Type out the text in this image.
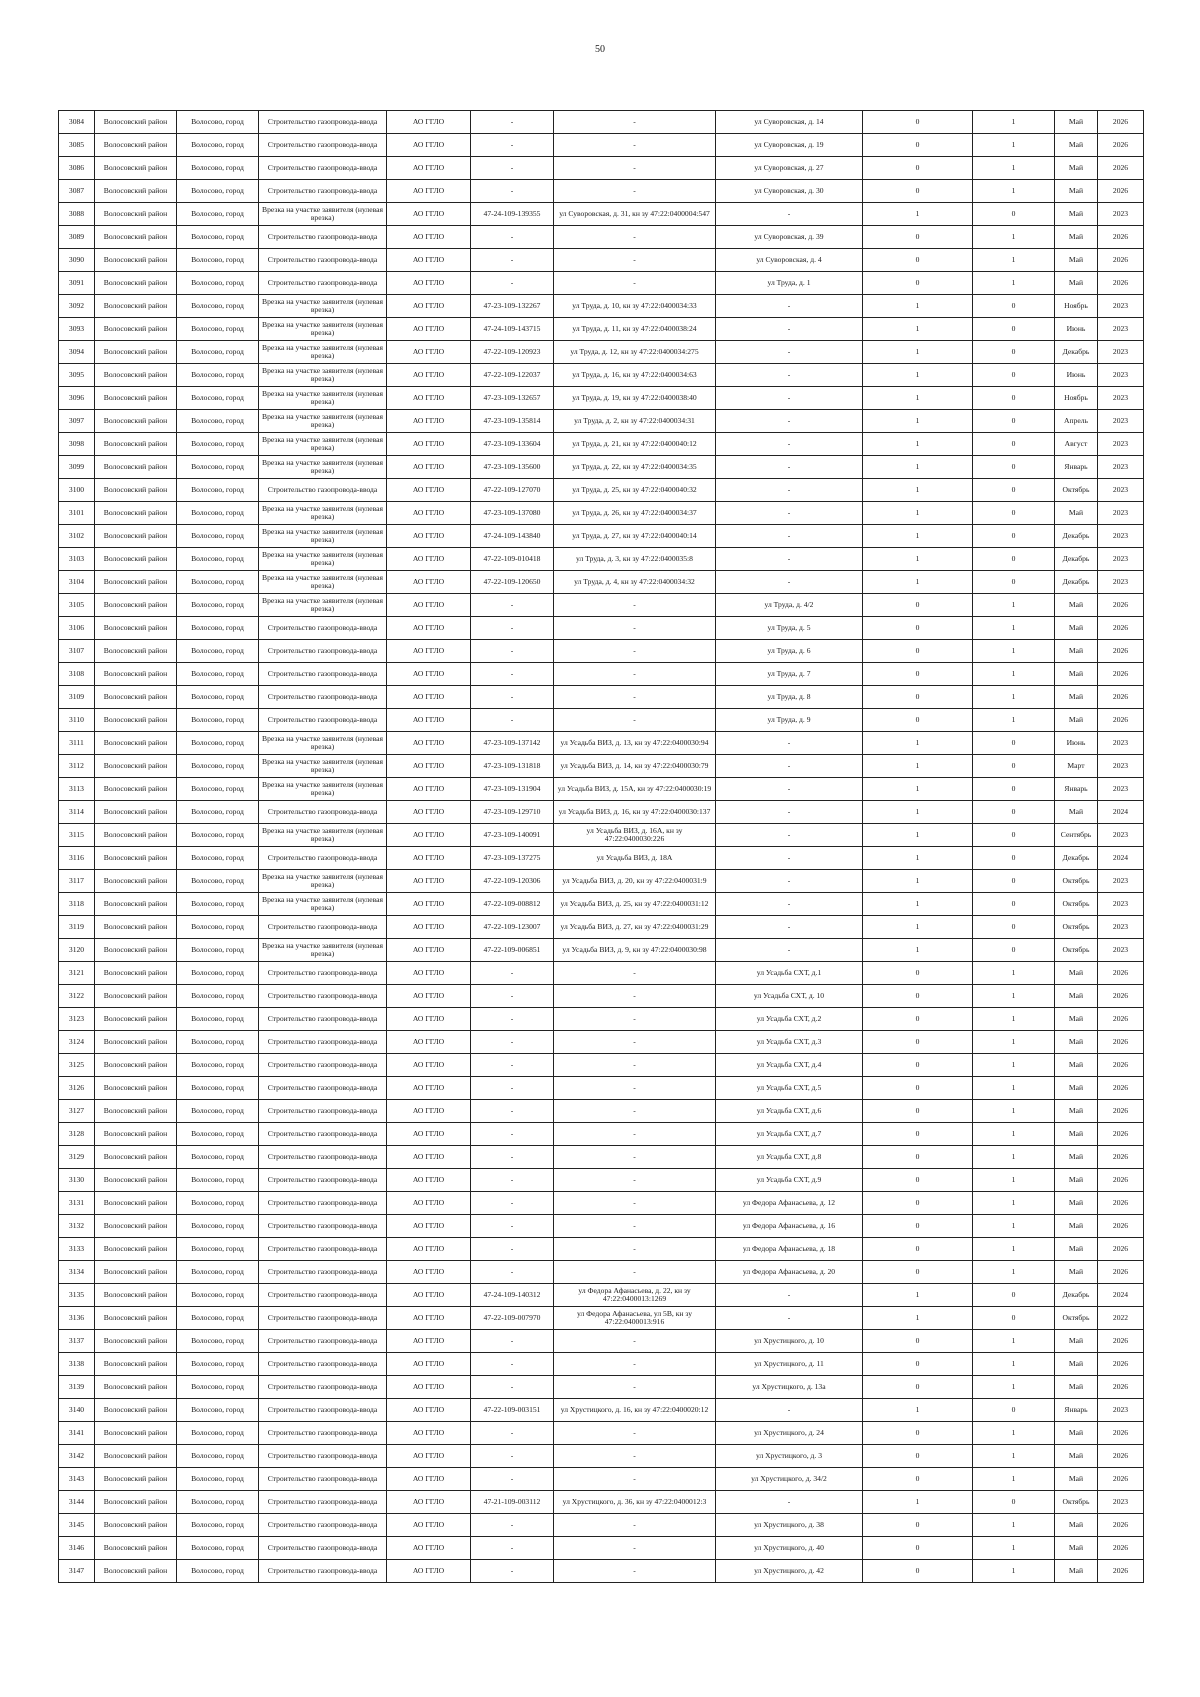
50
3084	Волосовский район	Волосово, город	Строительство газопровода-ввода	АО ГГЛО	-	-	ул Суворовская, д. 14	0	1	Май	2026
3085	Волосовский район	Волосово, город	Строительство газопровода-ввода	АО ГГЛО	-	-	ул Суворовская, д. 19	0	1	Май	2026
3086	Волосовский район	Волосово, город	Строительство газопровода-ввода	АО ГГЛО	-	-	ул Суворовская, д. 27	0	1	Май	2026
3087	Волосовский район	Волосово, город	Строительство газопровода-ввода	АО ГГЛО	-	-	ул Суворовская, д. 30	0	1	Май	2026
3088	Волосовский район	Волосово, город	Врезка на участке заявителя (нулевая врезка)	АО ГГЛО	47-24-109-139355	ул Суворовская, д. 31, кн зу 47:22:0400004:547	-	1	0	Май	2023
3089	Волосовский район	Волосово, город	Строительство газопровода-ввода	АО ГГЛО	-	-	ул Суворовская, д. 39	0	1	Май	2026
3090	Волосовский район	Волосово, город	Строительство газопровода-ввода	АО ГГЛО	-	-	ул Суворовская, д. 4	0	1	Май	2026
3091	Волосовский район	Волосово, город	Строительство газопровода-ввода	АО ГГЛО	-	-	ул Труда, д. 1	0	1	Май	2026
3092	Волосовский район	Волосово, город	Врезка на участке заявителя (нулевая врезка)	АО ГГЛО	47-23-109-132267	ул Труда, д. 10, кн зу 47:22:0400034:33	-	1	0	Ноябрь	2023
3093	Волосовский район	Волосово, город	Врезка на участке заявителя (нулевая врезка)	АО ГГЛО	47-24-109-143715	ул Труда, д. 11, кн зу 47:22:0400038:24	-	1	0	Июнь	2023
3094	Волосовский район	Волосово, город	Врезка на участке заявителя (нулевая врезка)	АО ГГЛО	47-22-109-120923	ул Труда, д. 12, кн зу 47:22:0400034:275	-	1	0	Декабрь	2023
3095	Волосовский район	Волосово, город	Врезка на участке заявителя (нулевая врезка)	АО ГГЛО	47-22-109-122037	ул Труда, д. 16, кн зу 47:22:0400034:63	-	1	0	Июнь	2023
3096	Волосовский район	Волосово, город	Врезка на участке заявителя (нулевая врезка)	АО ГГЛО	47-23-109-132657	ул Труда, д. 19, кн зу 47:22:0400038:40	-	1	0	Ноябрь	2023
3097	Волосовский район	Волосово, город	Врезка на участке заявителя (нулевая врезка)	АО ГГЛО	47-23-109-135814	ул Труда, д. 2, кн зу 47:22:0400034:31	-	1	0	Апрель	2023
3098	Волосовский район	Волосово, город	Врезка на участке заявителя (нулевая врезка)	АО ГГЛО	47-23-109-133604	ул Труда, д. 21, кн зу 47:22:0400040:12	-	1	0	Август	2023
3099	Волосовский район	Волосово, город	Врезка на участке заявителя (нулевая врезка)	АО ГГЛО	47-23-109-135600	ул Труда, д. 22, кн зу 47:22:0400034:35	-	1	0	Январь	2023
3100	Волосовский район	Волосово, город	Строительство газопровода-ввода	АО ГГЛО	47-22-109-127070	ул Труда, д. 25, кн зу 47:22:0400040:32	-	1	0	Октябрь	2023
3101	Волосовский район	Волосово, город	Врезка на участке заявителя (нулевая врезка)	АО ГГЛО	47-23-109-137080	ул Труда, д. 26, кн зу 47:22:0400034:37	-	1	0	Май	2023
3102	Волосовский район	Волосово, город	Врезка на участке заявителя (нулевая врезка)	АО ГГЛО	47-24-109-143840	ул Труда, д. 27, кн зу 47:22:0400040:14	-	1	0	Декабрь	2023
3103	Волосовский район	Волосово, город	Врезка на участке заявителя (нулевая врезка)	АО ГГЛО	47-22-109-010418	ул Труда, д. 3, кн зу 47:22:0400035:8	-	1	0	Декабрь	2023
3104	Волосовский район	Волосово, город	Врезка на участке заявителя (нулевая врезка)	АО ГГЛО	47-22-109-120650	ул Труда, д. 4, кн зу 47:22:0400034:32	-	1	0	Декабрь	2023
3105	Волосовский район	Волосово, город	Врезка на участке заявителя (нулевая врезка)	АО ГГЛО	-	-	ул Труда, д. 4/2	0	1	Май	2026
3106	Волосовский район	Волосово, город	Строительство газопровода-ввода	АО ГГЛО	-	-	ул Труда, д. 5	0	1	Май	2026
3107	Волосовский район	Волосово, город	Строительство газопровода-ввода	АО ГГЛО	-	-	ул Труда, д. 6	0	1	Май	2026
3108	Волосовский район	Волосово, город	Строительство газопровода-ввода	АО ГГЛО	-	-	ул Труда, д. 7	0	1	Май	2026
3109	Волосовский район	Волосово, город	Строительство газопровода-ввода	АО ГГЛО	-	-	ул Труда, д. 8	0	1	Май	2026
3110	Волосовский район	Волосово, город	Строительство газопровода-ввода	АО ГГЛО	-	-	ул Труда, д. 9	0	1	Май	2026
3111	Волосовский район	Волосово, город	Врезка на участке заявителя (нулевая врезка)	АО ГГЛО	47-23-109-137142	ул Усадьба ВИЗ, д. 13, кн зу 47:22:0400030:94	-	1	0	Июнь	2023
3112	Волосовский район	Волосово, город	Врезка на участке заявителя (нулевая врезка)	АО ГГЛО	47-23-109-131818	ул Усадьба ВИЗ, д. 14, кн зу 47:22:0400030:79	-	1	0	Март	2023
3113	Волосовский район	Волосово, город	Врезка на участке заявителя (нулевая врезка)	АО ГГЛО	47-23-109-131904	ул Усадьба ВИЗ, д. 15А, кн зу 47:22:0400030:19	-	1	0	Январь	2023
3114	Волосовский район	Волосово, город	Строительство газопровода-ввода	АО ГГЛО	47-23-109-129710	ул Усадьба ВИЗ, д. 16, кн зу 47:22:0400030:137	-	1	0	Май	2024
3115	Волосовский район	Волосово, город	Врезка на участке заявителя (нулевая врезка)	АО ГГЛО	47-23-109-140091	ул Усадьба ВИЗ, д. 16А, кн зу 47:22:0400030:226	-	1	0	Сентябрь	2023
3116	Волосовский район	Волосово, город	Строительство газопровода-ввода	АО ГГЛО	47-23-109-137275	ул Усадьба ВИЗ, д. 18А	-	1	0	Декабрь	2024
3117	Волосовский район	Волосово, город	Врезка на участке заявителя (нулевая врезка)	АО ГГЛО	47-22-109-120306	ул Усадьба ВИЗ, д. 20, кн зу 47:22:0400031:9	-	1	0	Октябрь	2023
3118	Волосовский район	Волосово, город	Врезка на участке заявителя (нулевая врезка)	АО ГГЛО	47-22-109-008812	ул Усадьба ВИЗ, д. 25, кн зу 47:22:0400031:12	-	1	0	Октябрь	2023
3119	Волосовский район	Волосово, город	Строительство газопровода-ввода	АО ГГЛО	47-22-109-123007	ул Усадьба ВИЗ, д. 27, кн зу 47:22:0400031:29	-	1	0	Октябрь	2023
3120	Волосовский район	Волосово, город	Врезка на участке заявителя (нулевая врезка)	АО ГГЛО	47-22-109-006851	ул Усадьба ВИЗ, д. 9, кн зу 47:22:0400030:98	-	1	0	Октябрь	2023
3121	Волосовский район	Волосово, город	Строительство газопровода-ввода	АО ГГЛО	-	-	ул Усадьба СХТ, д.1	0	1	Май	2026
3122	Волосовский район	Волосово, город	Строительство газопровода-ввода	АО ГГЛО	-	-	ул Усадьба СХТ, д. 10	0	1	Май	2026
3123	Волосовский район	Волосово, город	Строительство газопровода-ввода	АО ГГЛО	-	-	ул Усадьба СХТ, д.2	0	1	Май	2026
3124	Волосовский район	Волосово, город	Строительство газопровода-ввода	АО ГГЛО	-	-	ул Усадьба СХТ, д.3	0	1	Май	2026
3125	Волосовский район	Волосово, город	Строительство газопровода-ввода	АО ГГЛО	-	-	ул Усадьба СХТ, д.4	0	1	Май	2026
3126	Волосовский район	Волосово, город	Строительство газопровода-ввода	АО ГГЛО	-	-	ул Усадьба СХТ, д.5	0	1	Май	2026
3127	Волосовский район	Волосово, город	Строительство газопровода-ввода	АО ГГЛО	-	-	ул Усадьба СХТ, д.6	0	1	Май	2026
3128	Волосовский район	Волосово, город	Строительство газопровода-ввода	АО ГГЛО	-	-	ул Усадьба СХТ, д.7	0	1	Май	2026
3129	Волосовский район	Волосово, город	Строительство газопровода-ввода	АО ГГЛО	-	-	ул Усадьба СХТ, д.8	0	1	Май	2026
3130	Волосовский район	Волосово, город	Строительство газопровода-ввода	АО ГГЛО	-	-	ул Усадьба СХТ, д.9	0	1	Май	2026
3131	Волосовский район	Волосово, город	Строительство газопровода-ввода	АО ГГЛО	-	-	ул Федора Афанасьева, д. 12	0	1	Май	2026
3132	Волосовский район	Волосово, город	Строительство газопровода-ввода	АО ГГЛО	-	-	ул Федора Афанасьева, д. 16	0	1	Май	2026
3133	Волосовский район	Волосово, город	Строительство газопровода-ввода	АО ГГЛО	-	-	ул Федора Афанасьева, д. 18	0	1	Май	2026
3134	Волосовский район	Волосово, город	Строительство газопровода-ввода	АО ГГЛО	-	-	ул Федора Афанасьева, д. 20	0	1	Май	2026
3135	Волосовский район	Волосово, город	Строительство газопровода-ввода	АО ГГЛО	47-24-109-140312	ул Федора Афанасьева, д. 22, кн зу 47:22:0400013:1269	-	1	0	Декабрь	2024
3136	Волосовский район	Волосово, город	Строительство газопровода-ввода	АО ГГЛО	47-22-109-007970	ул Федора Афанасьева, ул 5В, кн зу 47:22:0400013:916	-	1	0	Октябрь	2022
3137	Волосовский район	Волосово, город	Строительство газопровода-ввода	АО ГГЛО	-	-	ул Хрустицкого, д. 10	0	1	Май	2026
3138	Волосовский район	Волосово, город	Строительство газопровода-ввода	АО ГГЛО	-	-	ул Хрустицкого, д. 11	0	1	Май	2026
3139	Волосовский район	Волосово, город	Строительство газопровода-ввода	АО ГГЛО	-	-	ул Хрустицкого, д. 13а	0	1	Май	2026
3140	Волосовский район	Волосово, город	Строительство газопровода-ввода	АО ГГЛО	47-22-109-003151	ул Хрустицкого, д. 16, кн зу 47:22:0400020:12	-	1	0	Январь	2023
3141	Волосовский район	Волосово, город	Строительство газопровода-ввода	АО ГГЛО	-	-	ул Хрустицкого, д. 24	0	1	Май	2026
3142	Волосовский район	Волосово, город	Строительство газопровода-ввода	АО ГГЛО	-	-	ул Хрустицкого, д. 3	0	1	Май	2026
3143	Волосовский район	Волосово, город	Строительство газопровода-ввода	АО ГГЛО	-	-	ул Хрустицкого, д. 34/2	0	1	Май	2026
3144	Волосовский район	Волосово, город	Строительство газопровода-ввода	АО ГГЛО	47-21-109-003112	ул Хрустицкого, д. 36, кн зу 47:22:0400012:3	-	1	0	Октябрь	2023
3145	Волосовский район	Волосово, город	Строительство газопровода-ввода	АО ГГЛО	-	-	ул Хрустицкого, д. 38	0	1	Май	2026
3146	Волосовский район	Волосово, город	Строительство газопровода-ввода	АО ГГЛО	-	-	ул Хрустицкого, д. 40	0	1	Май	2026
3147	Волосовский район	Волосово, город	Строительство газопровода-ввода	АО ГГЛО	-	-	ул Хрустицкого, д. 42	0	1	Май	2026
